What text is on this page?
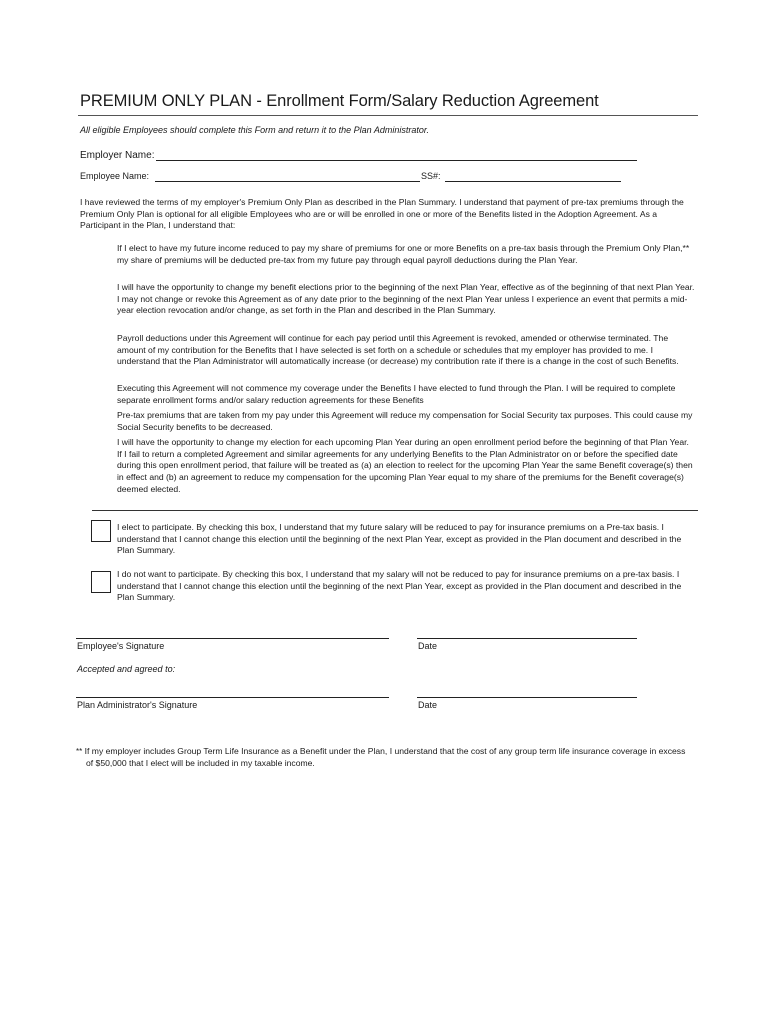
PREMIUM ONLY PLAN - Enrollment Form/Salary Reduction Agreement
All eligible Employees should complete this Form and return it to the Plan Administrator.
Employer Name:
Employee Name:	SS#:
I have reviewed the terms of my employer's Premium Only Plan as described in the Plan Summary. I understand that payment of pre-tax premiums through the Premium Only Plan is optional for all eligible Employees who are or will be enrolled in one or more of the Benefits listed in the Adoption Agreement. As a Participant in the Plan, I understand that:
If I elect to have my future income reduced to pay my share of premiums for one or more Benefits on a pre-tax basis through the Premium Only Plan,** my share of premiums will be deducted pre-tax from my future pay through equal payroll deductions during the Plan Year.
I will have the opportunity to change my benefit elections prior to the beginning of the next Plan Year, effective as of the beginning of that next Plan Year. I may not change or revoke this Agreement as of any date prior to the beginning of the next Plan Year unless I experience an event that permits a mid-year election revocation and/or change, as set forth in the Plan and described in the Plan Summary.
Payroll deductions under this Agreement will continue for each pay period until this Agreement is revoked, amended or otherwise terminated. The amount of my contribution for the Benefits that I have selected is set forth on a schedule or schedules that my employer has provided to me. I understand that the Plan Administrator will automatically increase (or decrease) my contribution rate if there is a change in the cost of such Benefits.
Executing this Agreement will not commence my coverage under the Benefits I have elected to fund through the Plan. I will be required to complete separate enrollment forms and/or salary reduction agreements for these Benefits
Pre-tax premiums that are taken from my pay under this Agreement will reduce my compensation for Social Security tax purposes. This could cause my Social Security benefits to be decreased.
I will have the opportunity to change my election for each upcoming Plan Year during an open enrollment period before the beginning of that Plan Year. If I fail to return a completed Agreement and similar agreements for any underlying Benefits to the Plan Administrator on or before the specified date during this open enrollment period, that failure will be treated as (a) an election to reelect for the upcoming Plan Year the same Benefit coverage(s) then in effect and (b) an agreement to reduce my compensation for the upcoming Plan Year equal to my share of the premiums for the Benefit coverage(s) deemed elected.
I elect to participate. By checking this box, I understand that my future salary will be reduced to pay for insurance premiums on a Pre-tax basis. I understand that I cannot change this election until the beginning of the next Plan Year, except as provided in the Plan document and described in the Plan Summary.
I do not want to participate. By checking this box, I understand that my salary will not be reduced to pay for insurance premiums on a pre-tax basis. I understand that I cannot change this election until the beginning of the next Plan Year, except as provided in the Plan document and described in the Plan Summary.
Employee's Signature	Date
Accepted and agreed to:
Plan Administrator's Signature	Date
** If my employer includes Group Term Life Insurance as a Benefit under the Plan, I understand that the cost of any group term life insurance coverage in excess of $50,000 that I elect will be included in my taxable income.
